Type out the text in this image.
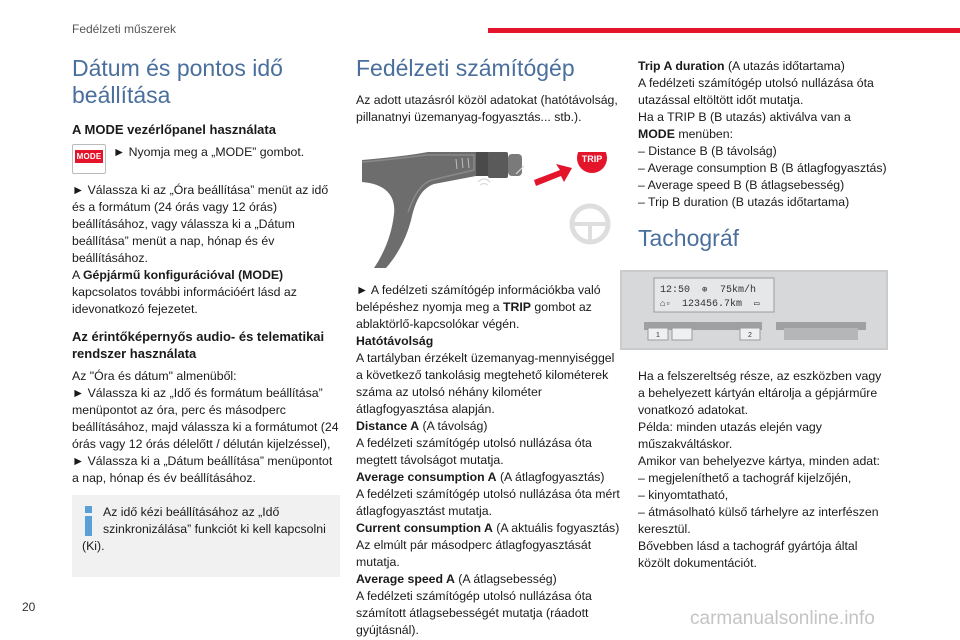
Fedélzeti műszerek
Dátum és pontos idő beállítása
A MODE vezérlőpanel használata
MODE ► Nyomja meg a „MODE” gombot.

► Válassza ki az „Óra beállítása” menüt az idő és a formátum (24 órás vagy 12 órás) beállításához, vagy válassza ki a „Dátum beállítása” menüt a nap, hónap és év beállításához.

A Gépjármű konfigurációval (MODE) kapcsolatos további információért lásd az idevonatkozó fejezetet.

Az érintőképernyős audio- és telematikai rendszer használata

Az "Óra és dátum" almenüből:

► Válassza ki az „Idő és formátum beállítása” menüpontot az óra, perc és másodperc beállításához, majd válassza ki a formátumot (24 órás vagy 12 órás délelőtt / délután kijelzéssel),

► Válassza ki a „Dátum beállítása” menüpontot a nap, hónap és év beállításához.

Az idő kézi beállításához az „Idő szinkronizálása” funkciót ki kell kapcsolni (Ki).

Fedélzeti számítógép

Az adott utazásról közöl adatokat (hatótávolság, pillanatnyi üzemanyag-fogyasztás... stb.).

TRIP

► A fedélzeti számítógép információkba való belépéshez nyomja meg a TRIP gombot az ablaktörlő-kapcsolókar végén.

Hatótávolság

A tartályban érzékelt üzemanyag-mennyiséggel a következő tankolásig megtehető kilométerek száma az utolsó néhány kilométer átlagfogyasztása alapján.

Distance A (A távolság)

A fedélzeti számítógép utolsó nullázása óta megtett távolságot mutatja.

Average consumption A (A átlagfogyasztás)

A fedélzeti számítógép utolsó nullázása óta mért átlagfogyasztást mutatja.

Current consumption A (A aktuális fogyasztás)

Az elmúlt pár másodperc átlagfogyasztását mutatja.

Average speed A (A átlagsebesség)

A fedélzeti számítógép utolsó nullázása óta számított átlagsebességét mutatja (ráadott gyújtásnál).

Trip A duration (A utazás időtartama)

A fedélzeti számítógép utolsó nullázása óta utazással eltöltött időt mutatja.

Ha a TRIP B (B utazás) aktiválva van a MODE menüben:

– Distance B (B távolság)

– Average consumption B (B átlagfogyasztás)

– Average speed B (B átlagsebesség)

– Trip B duration (B utazás időtartama)

Tachográf
12:50 ⊕ 75km/h
⌂▫ 123456.7km ▭
1	2

Ha a felszereltség része, az eszközben vagy a behelyezett kártyán eltárolja a gépjárműre vonatkozó adatokat.

Példa: minden utazás elején vagy műszakváltáskor.

Amikor van behelyezve kártya, minden adat:

– megjeleníthető a tachográf kijelzőjén,

– kinyomtatható,

– átmásolható külső tárhelyre az interfészen keresztül.

Bővebben lásd a tachográf gyártója által közölt dokumentációt.

20
carmanualsonline.info
